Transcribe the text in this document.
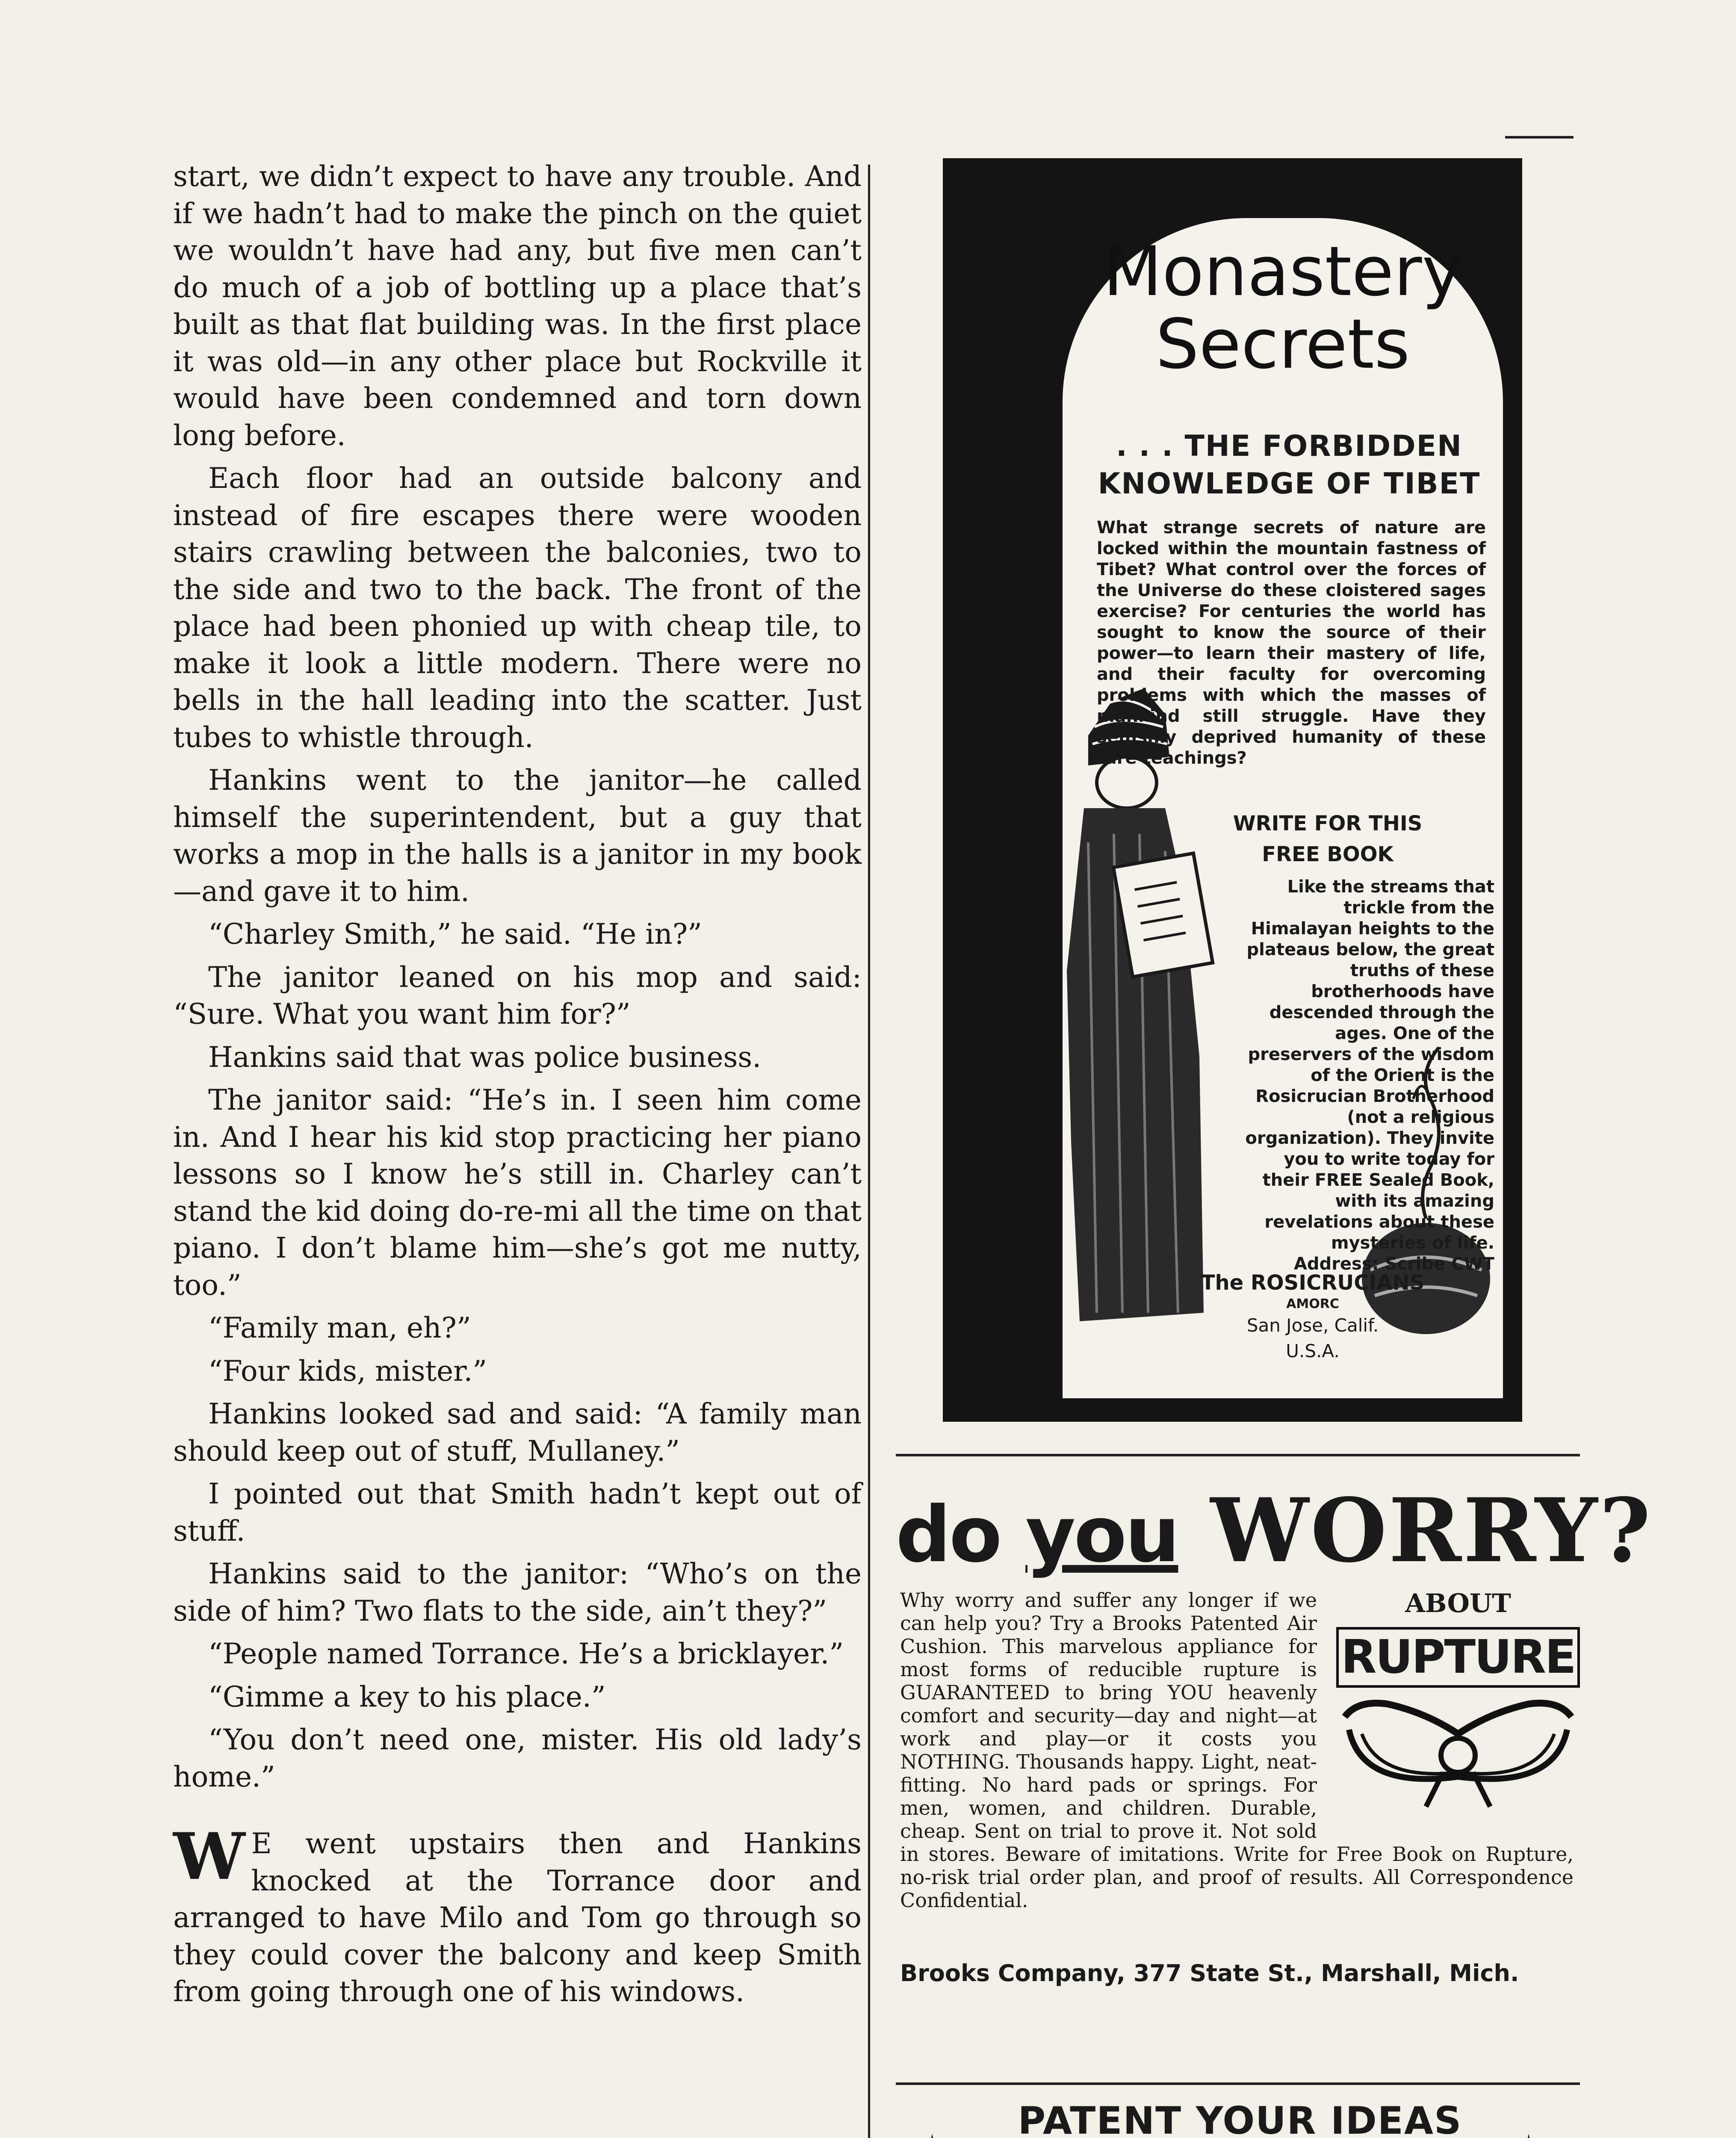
start, we didn’t expect to have any trouble. And if we hadn’t had to make the pinch on the quiet we wouldn’t have had any, but five men can’t do much of a job of bottling up a place that’s built as that flat building was. In the first place it was old—in any other place but Rockville it would have been condemned and torn down long before.

Each floor had an outside balcony and instead of fire escapes there were wooden stairs crawling between the balconies, two to the side and two to the back. The front of the place had been phonied up with cheap tile, to make it look a little modern. There were no bells in the hall leading into the scatter. Just tubes to whistle through.

Hankins went to the janitor—he called himself the superintendent, but a guy that works a mop in the halls is a janitor in my book—and gave it to him.

“Charley Smith,” he said. “He in?”

The janitor leaned on his mop and said: “Sure. What you want him for?”

Hankins said that was police business.

The janitor said: “He’s in. I seen him come in. And I hear his kid stop practicing her piano lessons so I know he’s still in. Charley can’t stand the kid doing do-re-mi all the time on that piano. I don’t blame him—she’s got me nutty, too.”

“Family man, eh?”

“Four kids, mister.”

Hankins looked sad and said: “A family man should keep out of stuff, Mullaney.”

I pointed out that Smith hadn’t kept out of stuff.

Hankins said to the janitor: “Who’s on the side of him? Two flats to the side, ain’t they?”

“People named Torrance. He’s a bricklayer.”

“Gimme a key to his place.”

“You don’t need one, mister. His old lady’s home.”

W E went upstairs then and Hankins knocked at the Torrance door and arranged to have Milo and Tom go through so they could cover the balcony and keep Smith from going through one of his windows.

Monastery
Secrets
. . . THE FORBIDDEN
KNOWLEDGE OF TIBET
What strange secrets of nature are locked within the mountain fastness of Tibet? What control over the forces of the Universe do these cloistered sages exercise? For centuries the world has sought to know the source of their power—to learn their mastery of life, and their faculty for overcoming problems with which the masses of mankind still struggle. Have they selfishly deprived humanity of these rare teachings?
WRITE FOR THIS
FREE BOOK
Like the streams that trickle from the Himalayan heights to the plateaus below, the great truths of these brotherhoods have descended through the ages. One of the preservers of the wisdom of the Orient is the Rosicrucian Brotherhood (not a religious organization). They invite you to write today for their FREE Sealed Book, with its amazing revelations about these mysteries of life. Address: Scribe CWT
The ROSICRUCIANS
AMORC
San Jose, Calif.
U.S.A.
do you WORRY?
ABOUT
RUPTURE
Why worry and suffer any longer if we can help you? Try a Brooks Patented Air Cushion. This marvelous appliance for most forms of reducible rupture is GUARANTEED to bring YOU heavenly comfort and security—day and night—at work and play—or it costs you NOTHING. Thousands happy. Light, neat-fitting. No hard pads or springs. For men, women, and children. Durable, cheap. Sent on trial to prove it. Not sold in stores. Beware of imitations. Write for Free Book on Rupture, no-risk trial order plan, and proof of results. All Correspondence Confidential.
Brooks Company, 377 State St., Marshall, Mich.
PATENT YOUR IDEAS
